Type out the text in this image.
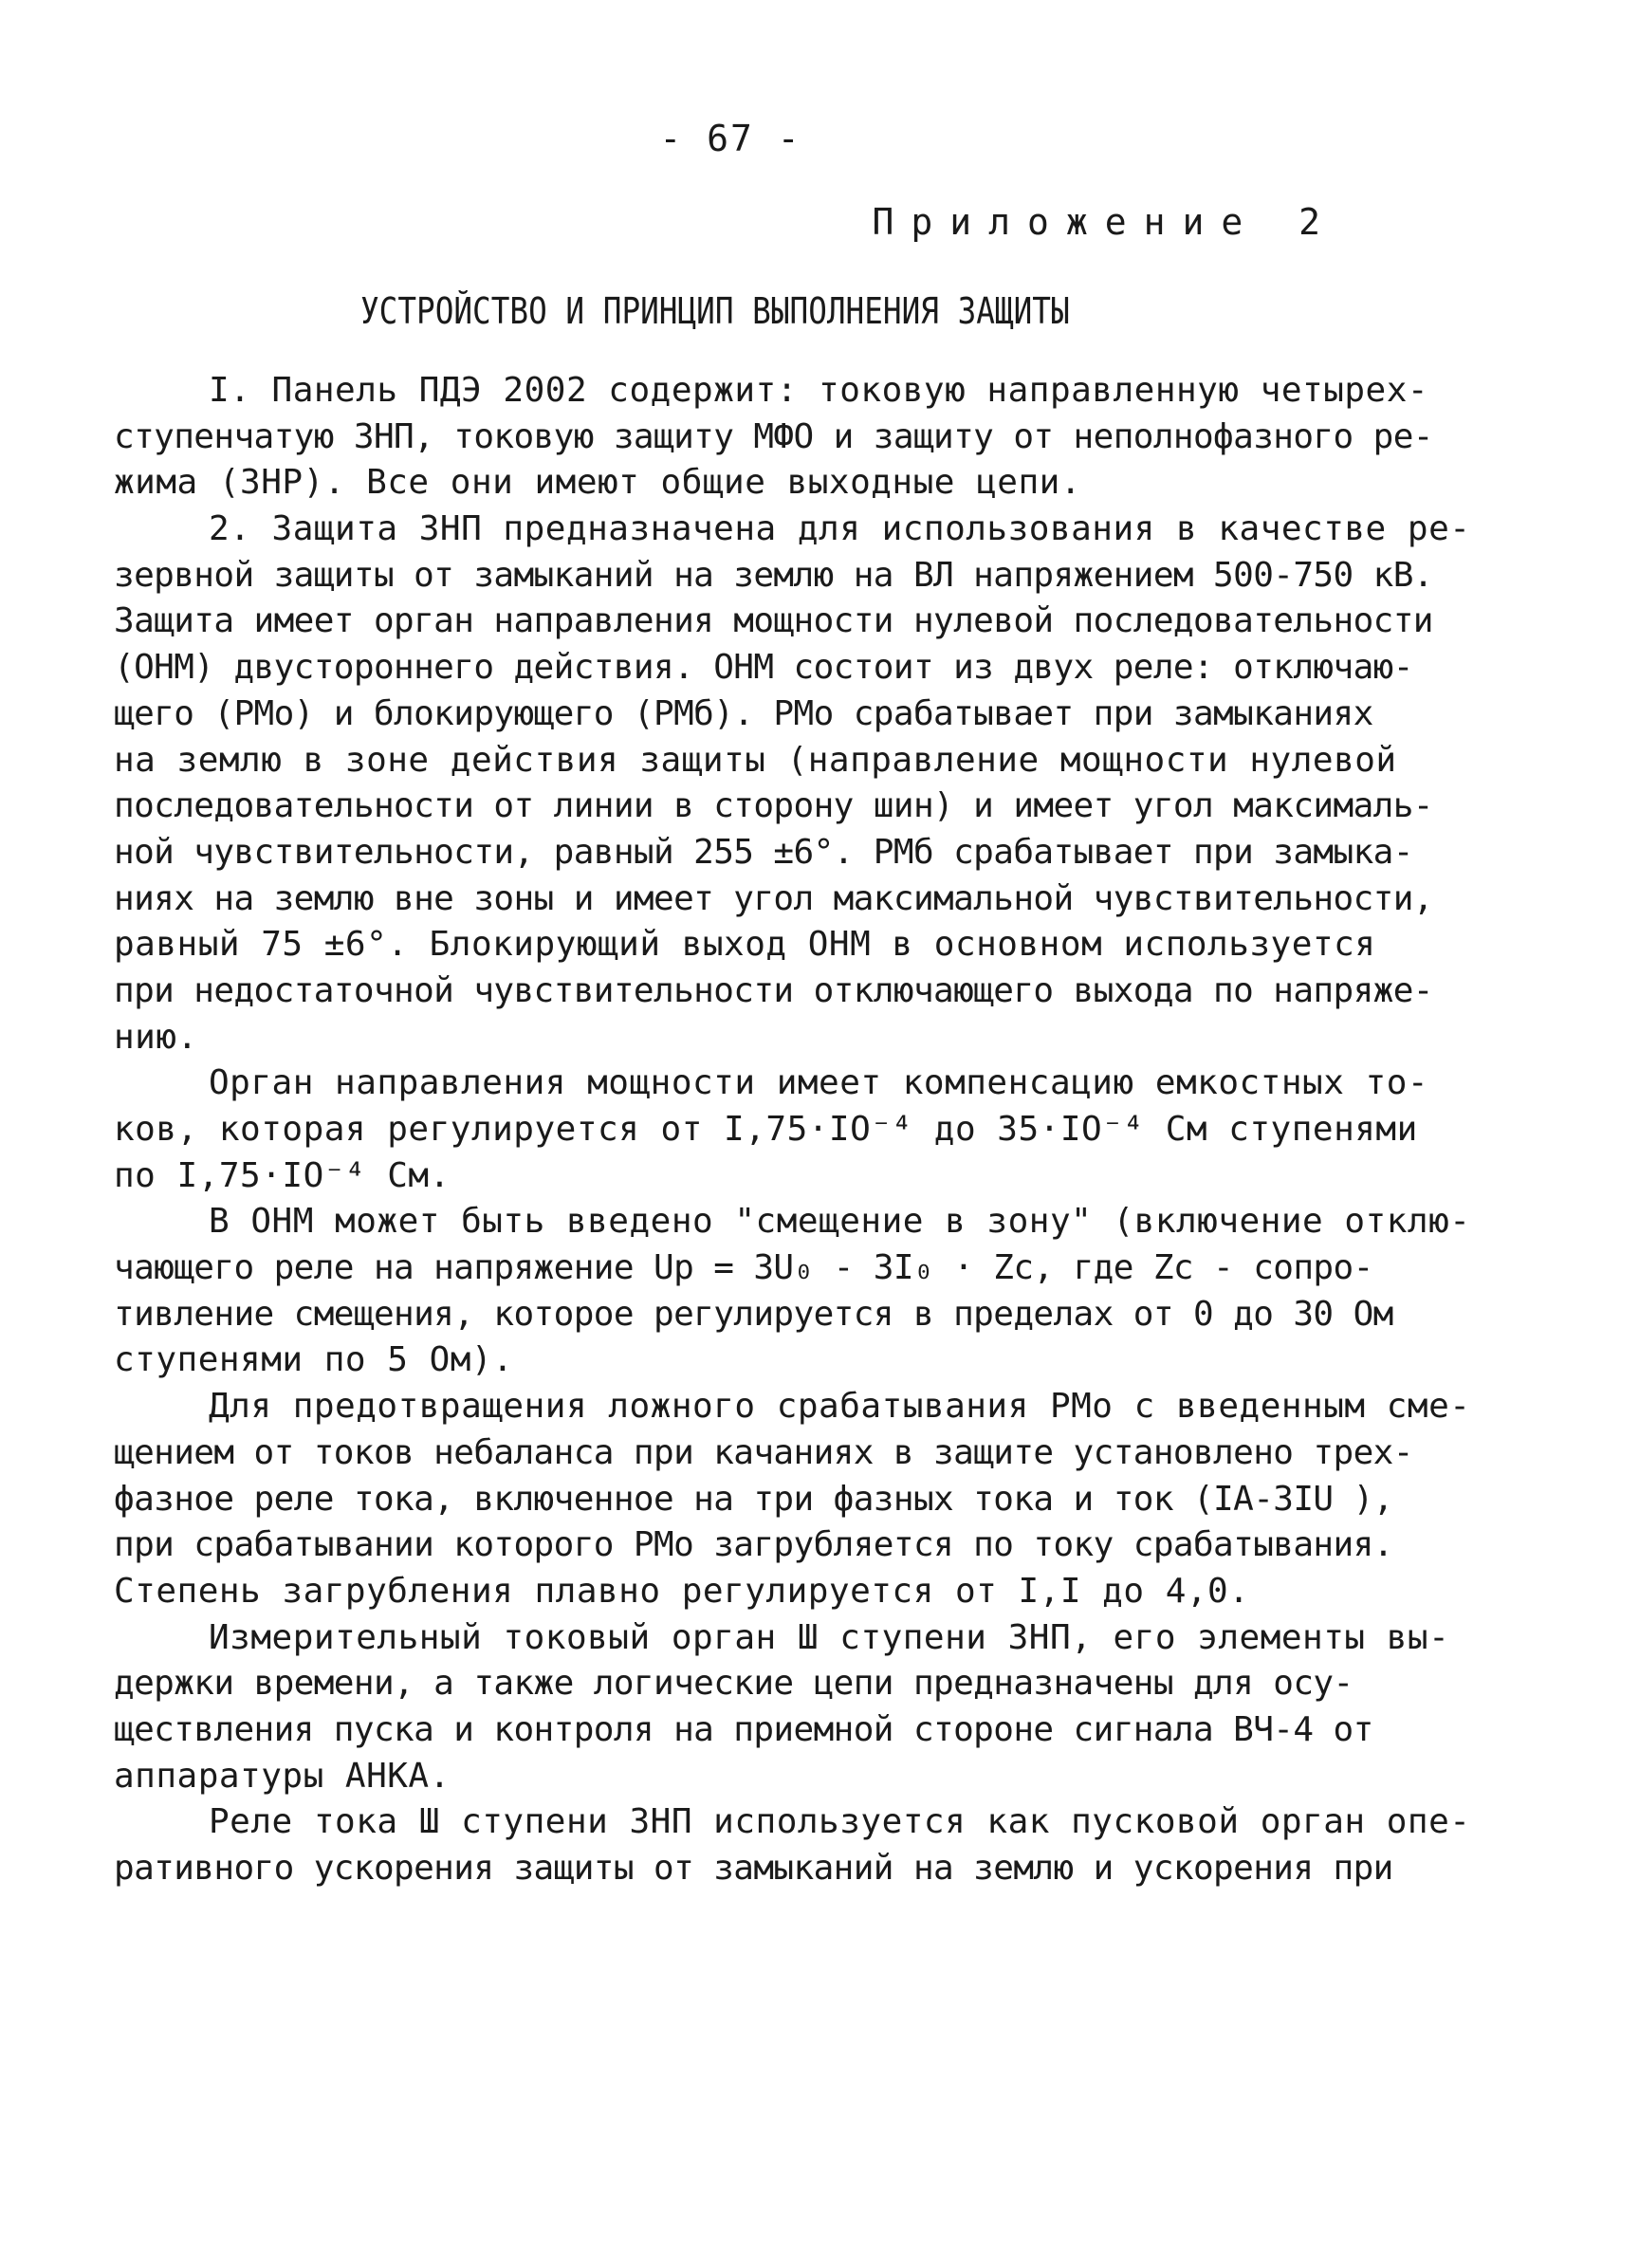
- 67 -
Приложение 2
УСТРОЙСТВО И ПРИНЦИП ВЫПОЛНЕНИЯ ЗАЩИТЫ
I. Панель ПДЭ 2002 содержит: токовую направленную четырех-
ступенчатую ЗНП, токовую защиту МФО и защиту от неполнофазного ре-
жима (ЗНР). Все они имеют общие выходные цепи.
2. Защита ЗНП предназначена для использования в качестве ре-
зервной защиты от замыканий на землю на ВЛ напряжением 500-750 кВ.
Защита имеет орган направления мощности нулевой последовательности
(ОНМ) двустороннего действия. ОНМ состоит из двух реле: отключаю-
щего (РМо) и блокирующего (РМб). РМо срабатывает при замыканиях
на землю в зоне действия защиты (направление мощности нулевой
последовательности от линии в сторону шин) и имеет угол максималь-
ной чувствительности, равный 255 ±6°. РМб срабатывает при замыка-
ниях на землю вне зоны и имеет угол максимальной чувствительности,
равный 75 ±6°. Блокирующий выход ОНМ в основном используется
при недостаточной чувствительности отключающего выхода по напряже-
нию.
Орган направления мощности имеет компенсацию емкостных то-
ков, которая регулируется от I,75·IO⁻⁴ до 35·IO⁻⁴ См ступенями
по I,75·IO⁻⁴ См.
В ОНМ может быть введено "смещение в зону" (включение отклю-
чающего реле на напряжение Uр = 3U₀ - 3I₀ · Zс, где Zс - сопро-
тивление смещения, которое регулируется в пределах от 0 до 30 Ом
ступенями по 5 Ом).
Для предотвращения ложного срабатывания РМо с введенным сме-
щением от токов небаланса при качаниях в защите установлено трех-
фазное реле тока, включенное на три фазных тока и ток (IА-3IU ),
при срабатывании которого РМо загрубляется по току срабатывания.
Степень загрубления плавно регулируется от I,I до 4,0.
Измерительный токовый орган Ш ступени ЗНП, его элементы вы-
держки времени, а также логические цепи предназначены для осу-
ществления пуска и контроля на приемной стороне сигнала ВЧ-4 от
аппаратуры АНКА.
Реле тока Ш ступени ЗНП используется как пусковой орган опе-
ративного ускорения защиты от замыканий на землю и ускорения при
